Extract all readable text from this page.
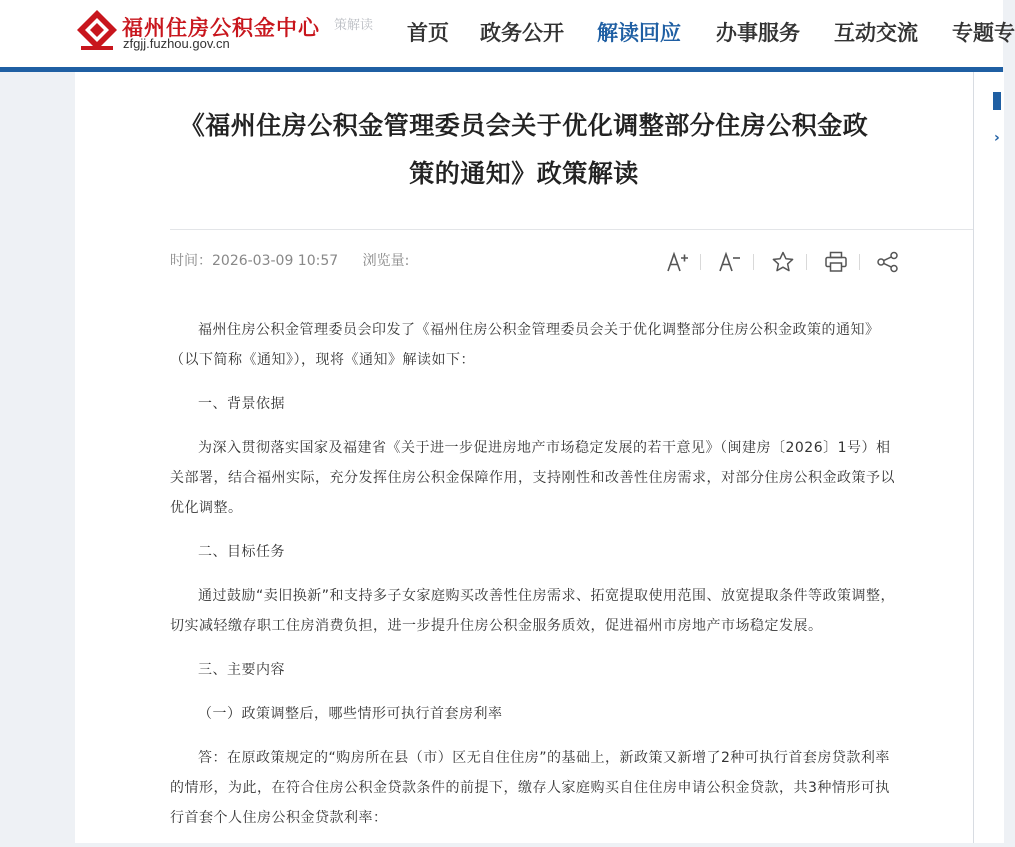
福州住房公积金中心
zfgjj.fuzhou.gov.cn
策解读 首页 政务公开 解读回应 办事服务 互动交流 专题专
《福州住房公积金管理委员会关于优化调整部分住房公积金政策的通知》政策解读
时间：2026-03-09 10:57 浏览量:

福州住房公积金管理委员会印发了《福州住房公积金管理委员会关于优化调整部分住房公积金政策的通知》（以下简称《通知》），现将《通知》解读如下：

一、背景依据

为深入贯彻落实国家及福建省《关于进一步促进房地产市场稳定发展的若干意见》（闽建房〔2026〕1号）相关部署，结合福州实际，充分发挥住房公积金保障作用，支持刚性和改善性住房需求，对部分住房公积金政策予以优化调整。

二、目标任务

通过鼓励“卖旧换新”和支持多子女家庭购买改善性住房需求、拓宽提取使用范围、放宽提取条件等政策调整，切实减轻缴存职工住房消费负担，进一步提升住房公积金服务质效，促进福州市房地产市场稳定发展。

三、主要内容

（一）政策调整后，哪些情形可执行首套房利率

答：在原政策规定的“购房所在县（市）区无自住住房”的基础上，新政策又新增了2种可执行首套房贷款利率的情形，为此，在符合住房公积金贷款条件的前提下，缴存人家庭购买自住住房申请公积金贷款，共3种情形可执行首套个人住房公积金贷款利率：

›
